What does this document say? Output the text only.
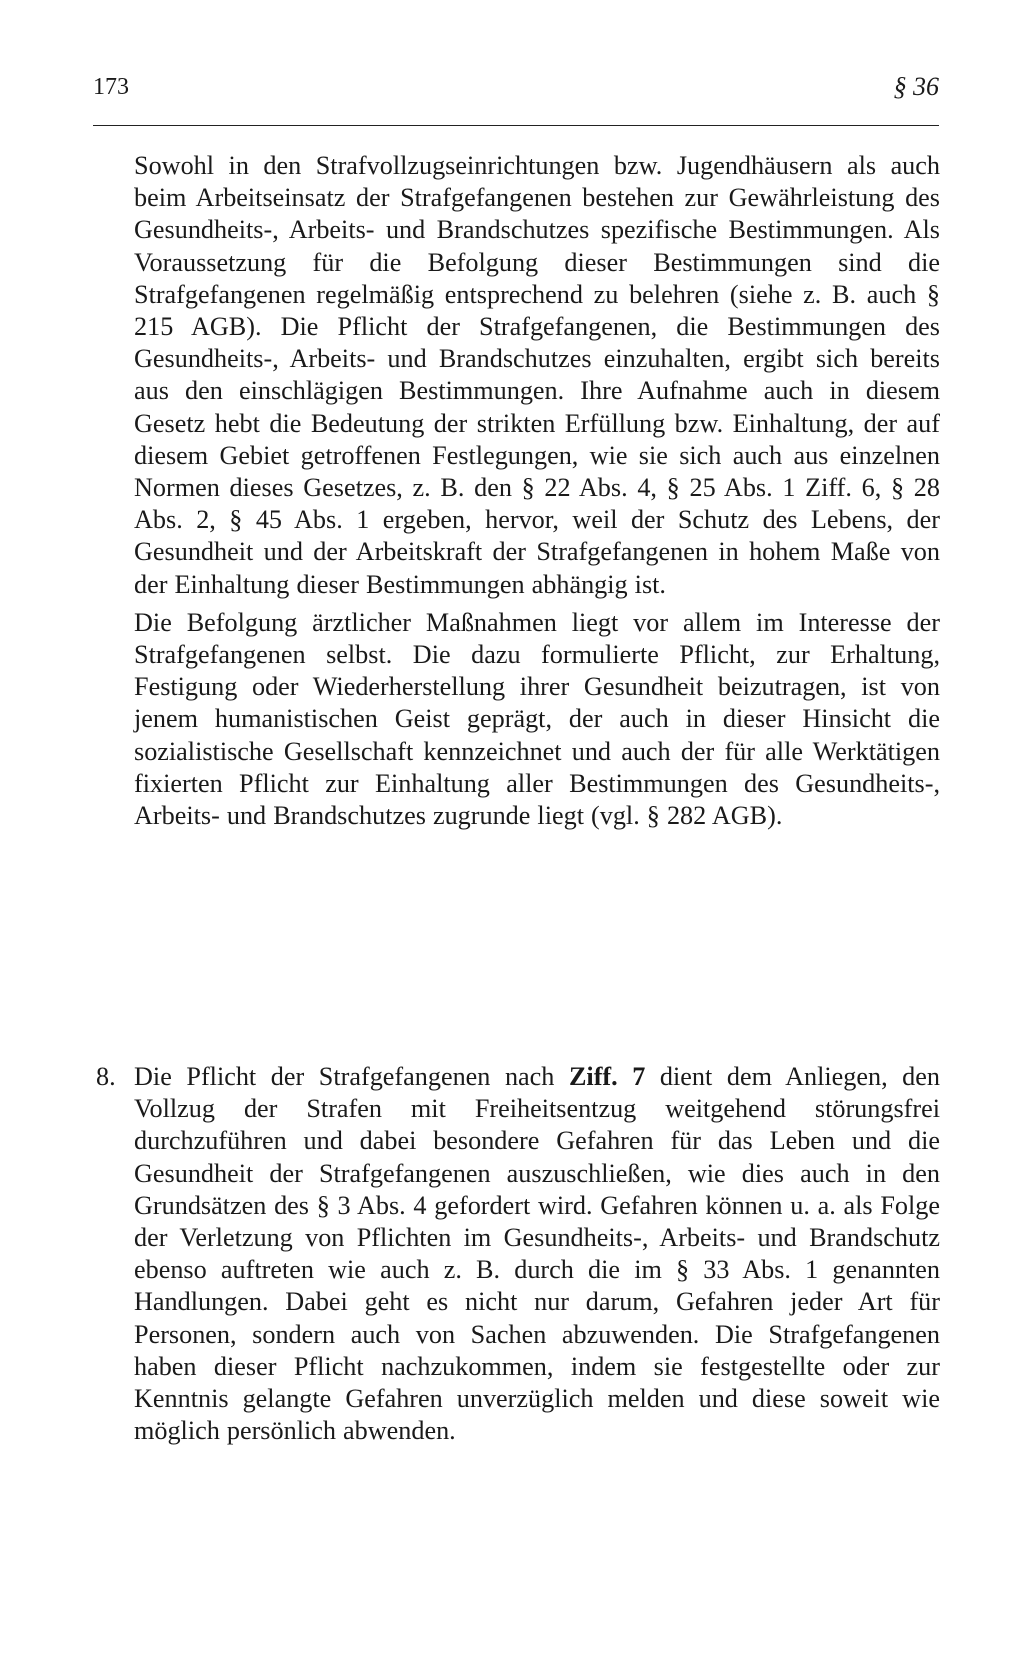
173	§ 36

Sowohl in den Strafvollzugseinrichtungen bzw. Jugendhäusern als auch beim Arbeitseinsatz der Strafgefangenen bestehen zur Gewährleistung des Gesundheits-, Arbeits- und Brandschutzes spezifische Bestimmungen. Als Voraussetzung für die Befolgung dieser Bestimmungen sind die Strafgefangenen regelmäßig entsprechend zu belehren (siehe z. B. auch § 215 AGB). Die Pflicht der Strafgefangenen, die Bestimmungen des Gesundheits-, Arbeits- und Brandschutzes einzuhalten, ergibt sich bereits aus den einschlägigen Bestimmungen. Ihre Aufnahme auch in diesem Gesetz hebt die Bedeutung der strikten Erfüllung bzw. Einhaltung, der auf diesem Gebiet getroffenen Festlegungen, wie sie sich auch aus einzelnen Normen dieses Gesetzes, z. B. den § 22 Abs. 4, § 25 Abs. 1 Ziff. 6, § 28 Abs. 2, § 45 Abs. 1 ergeben, hervor, weil der Schutz des Lebens, der Gesundheit und der Arbeitskraft der Strafgefangenen in hohem Maße von der Einhaltung dieser Bestimmungen abhängig ist.

Die Befolgung ärztlicher Maßnahmen liegt vor allem im Interesse der Strafgefangenen selbst. Die dazu formulierte Pflicht, zur Erhaltung, Festigung oder Wiederherstellung ihrer Gesundheit beizutragen, ist von jenem humanistischen Geist geprägt, der auch in dieser Hinsicht die sozialistische Gesellschaft kennzeichnet und auch der für alle Werktätigen fixierten Pflicht zur Einhaltung aller Bestimmungen des Gesundheits-, Arbeits- und Brandschutzes zugrunde liegt (vgl. § 282 AGB).

8. Die Pflicht der Strafgefangenen nach Ziff. 7 dient dem Anliegen, den Vollzug der Strafen mit Freiheitsentzug weitgehend störungsfrei durchzuführen und dabei besondere Gefahren für das Leben und die Gesundheit der Strafgefangenen auszuschließen, wie dies auch in den Grundsätzen des § 3 Abs. 4 gefordert wird. Gefahren können u. a. als Folge der Verletzung von Pflichten im Gesundheits-, Arbeits- und Brandschutz ebenso auftreten wie auch z. B. durch die im § 33 Abs. 1 genannten Handlungen. Dabei geht es nicht nur darum, Gefahren jeder Art für Personen, sondern auch von Sachen abzuwenden. Die Strafgefangenen haben dieser Pflicht nachzukommen, indem sie festgestellte oder zur Kenntnis gelangte Gefahren unverzüglich melden und diese soweit wie möglich persönlich abwenden.
